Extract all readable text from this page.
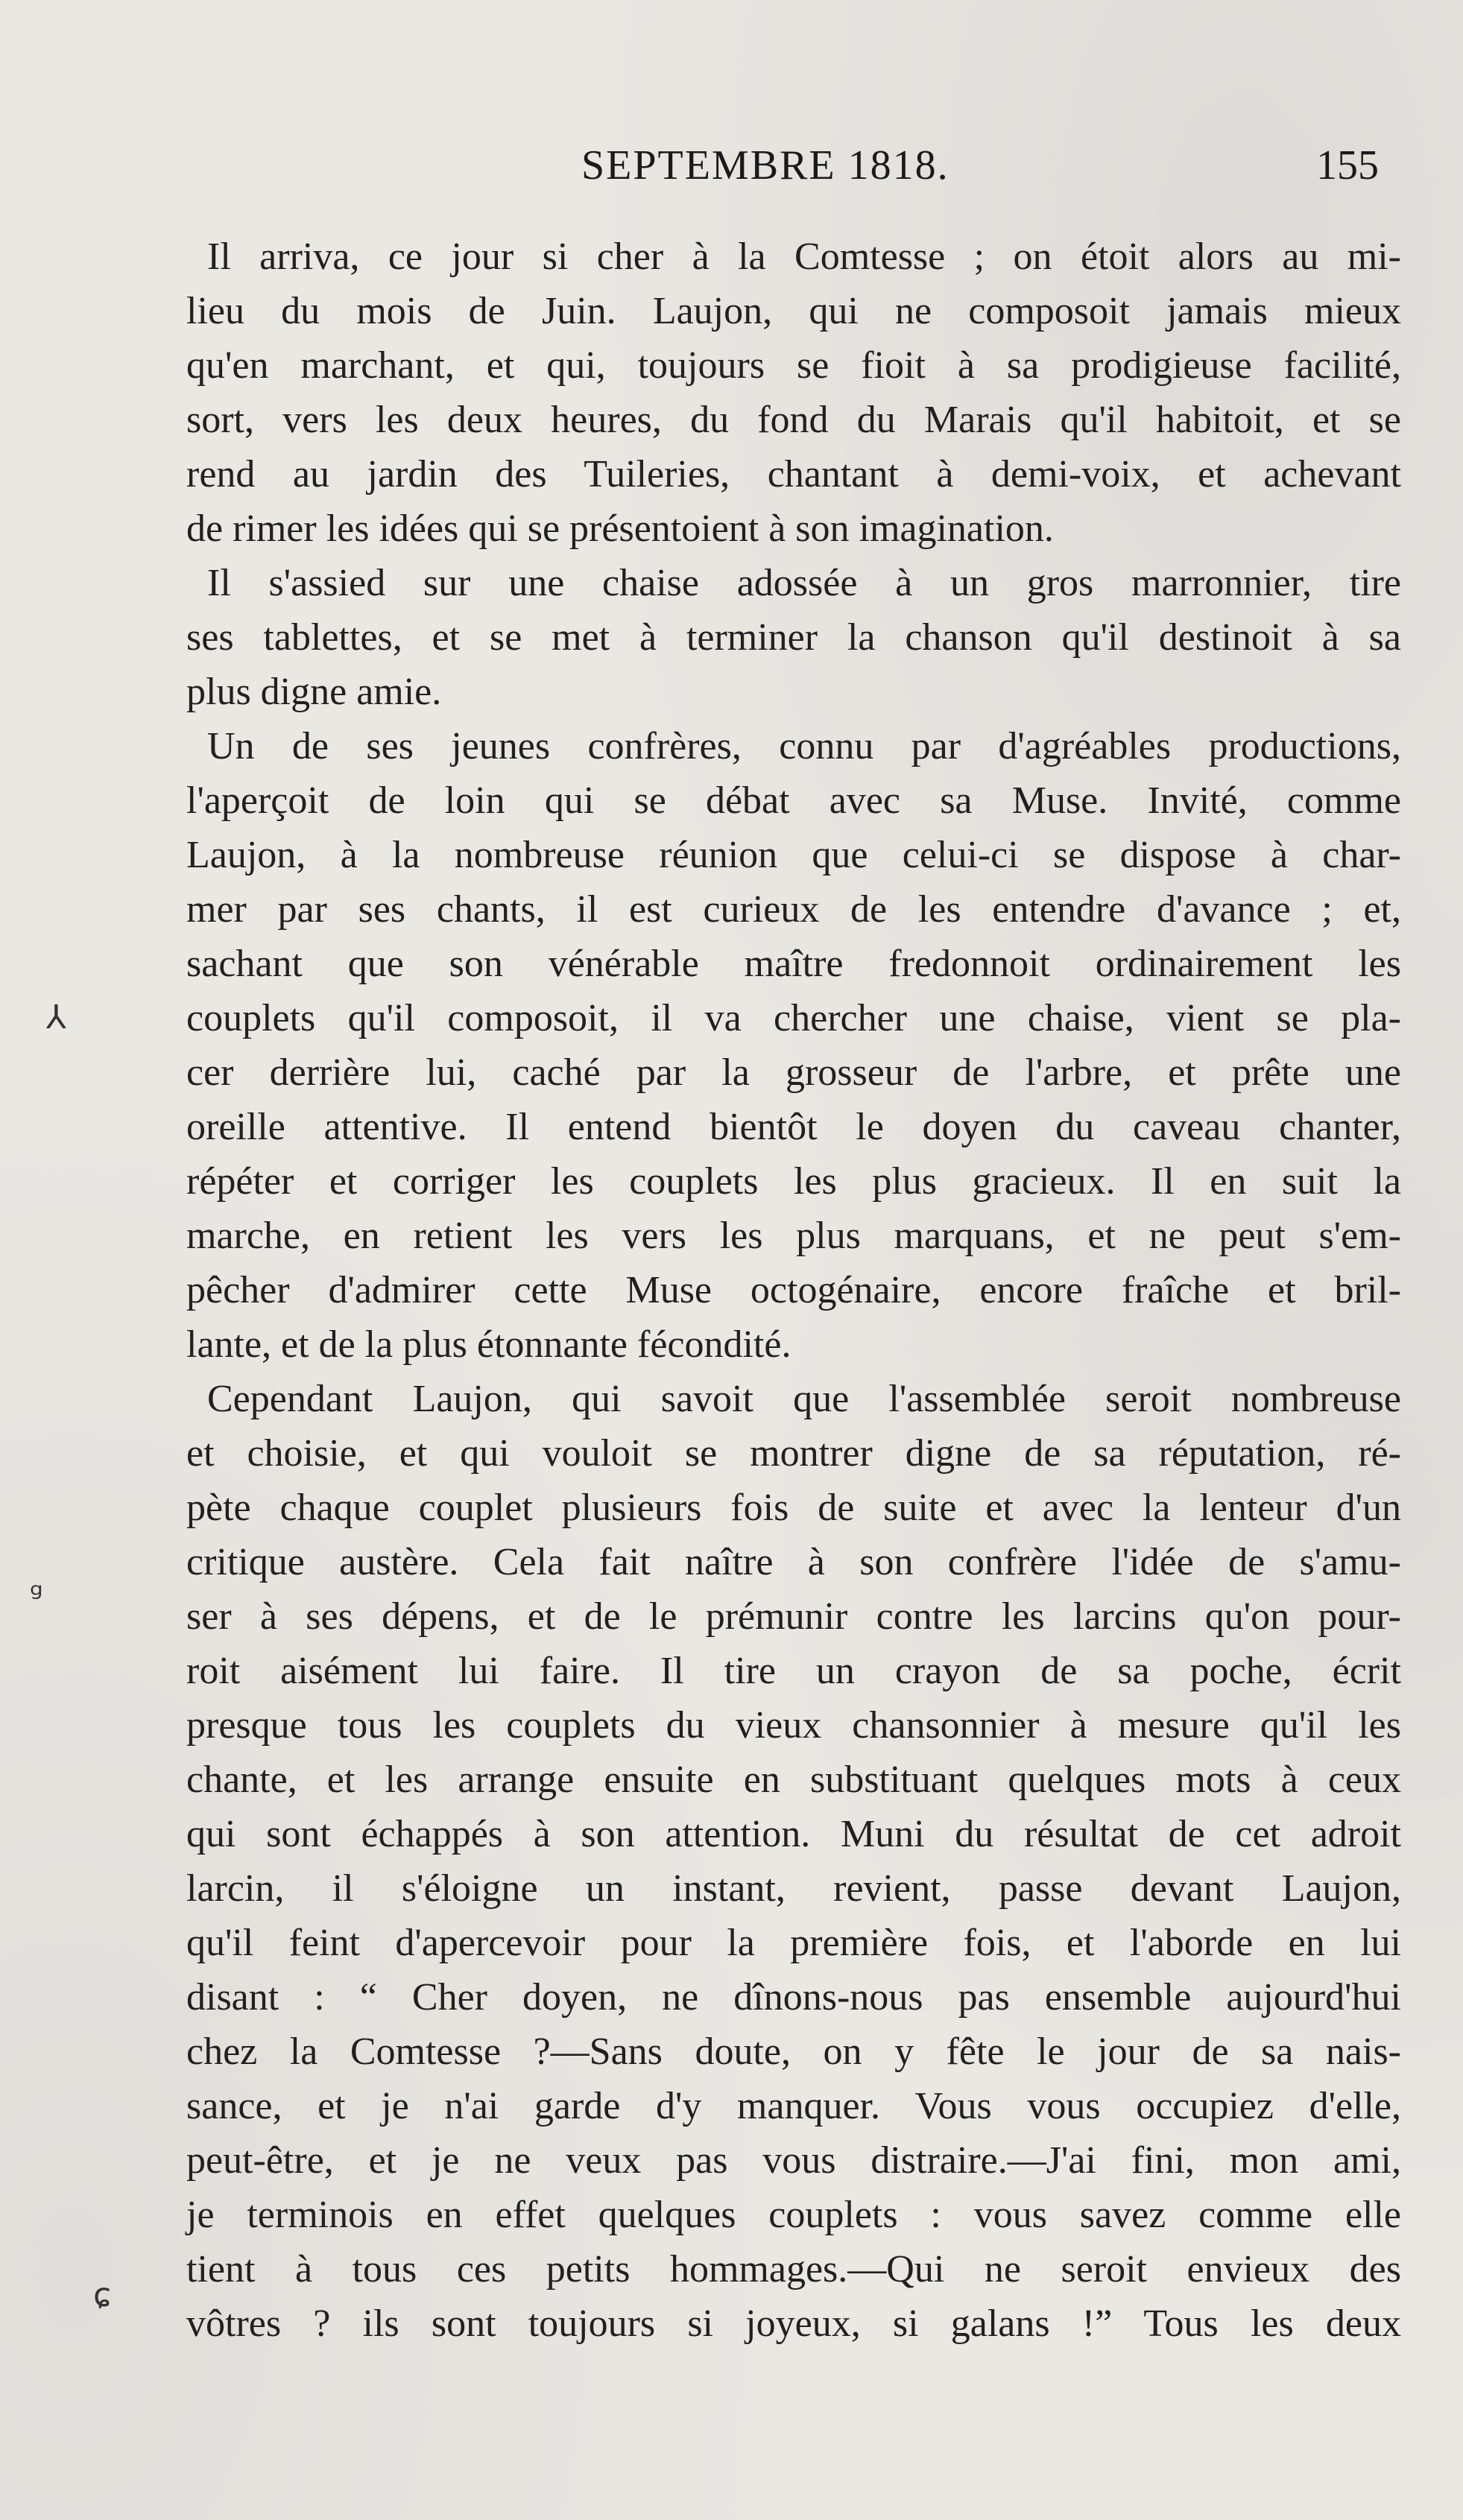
SEPTEMBRE 1818.	155
⅄
ᵍ
ɕ
Il arriva, ce jour si cher à la Comtesse ; on étoit alors au mi-
lieu du mois de Juin. Laujon, qui ne composoit jamais mieux
qu'en marchant, et qui, toujours se fioit à sa prodigieuse facilité,
sort, vers les deux heures, du fond du Marais qu'il habitoit, et se
rend au jardin des Tuileries, chantant à demi-voix, et achevant
de rimer les idées qui se présentoient à son imagination.
Il s'assied sur une chaise adossée à un gros marronnier, tire
ses tablettes, et se met à terminer la chanson qu'il destinoit à sa
plus digne amie.
Un de ses jeunes confrères, connu par d'agréables productions,
l'aperçoit de loin qui se débat avec sa Muse. Invité, comme
Laujon, à la nombreuse réunion que celui-ci se dispose à char-
mer par ses chants, il est curieux de les entendre d'avance ; et,
sachant que son vénérable maître fredonnoit ordinairement les
couplets qu'il composoit, il va chercher une chaise, vient se pla-
cer derrière lui, caché par la grosseur de l'arbre, et prête une
oreille attentive. Il entend bientôt le doyen du caveau chanter,
répéter et corriger les couplets les plus gracieux. Il en suit la
marche, en retient les vers les plus marquans, et ne peut s'em-
pêcher d'admirer cette Muse octogénaire, encore fraîche et bril-
lante, et de la plus étonnante fécondité.
Cependant Laujon, qui savoit que l'assemblée seroit nombreuse
et choisie, et qui vouloit se montrer digne de sa réputation, ré-
pète chaque couplet plusieurs fois de suite et avec la lenteur d'un
critique austère. Cela fait naître à son confrère l'idée de s'amu-
ser à ses dépens, et de le prémunir contre les larcins qu'on pour-
roit aisément lui faire. Il tire un crayon de sa poche, écrit
presque tous les couplets du vieux chansonnier à mesure qu'il les
chante, et les arrange ensuite en substituant quelques mots à ceux
qui sont échappés à son attention. Muni du résultat de cet adroit
larcin, il s'éloigne un instant, revient, passe devant Laujon,
qu'il feint d'apercevoir pour la première fois, et l'aborde en lui
disant : “ Cher doyen, ne dînons-nous pas ensemble aujourd'hui
chez la Comtesse ?—Sans doute, on y fête le jour de sa nais-
sance, et je n'ai garde d'y manquer. Vous vous occupiez d'elle,
peut-être, et je ne veux pas vous distraire.—J'ai fini, mon ami,
je terminois en effet quelques couplets : vous savez comme elle
tient à tous ces petits hommages.—Qui ne seroit envieux des
vôtres ? ils sont toujours si joyeux, si galans !” Tous les deux
